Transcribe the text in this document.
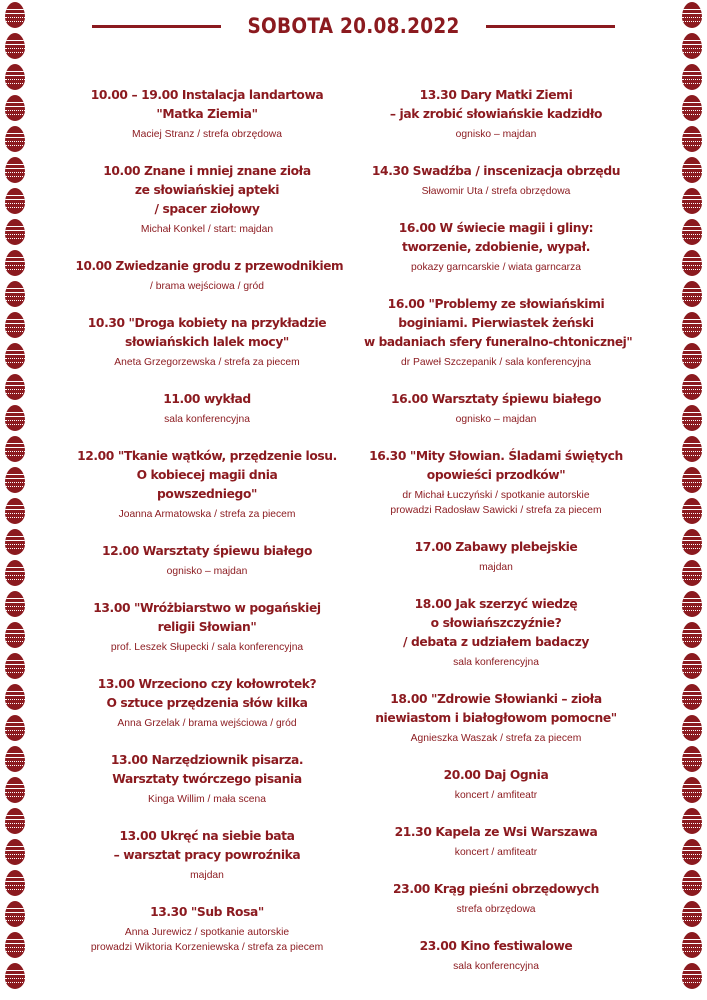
SOBOTA 20.08.2022
10.00 – 19.00 Instalacja landartowa
"Matka Ziemia"
Maciej Stranz / strefa obrzędowa
10.00 Znane i mniej znane zioła
ze słowiańskiej apteki
/ spacer ziołowy
Michał Konkel / start: majdan
10.00 Zwiedzanie grodu z przewodnikiem
/ brama wejściowa / gród
10.30 "Droga kobiety na przykładzie
słowiańskich lalek mocy"
Aneta Grzegorzewska / strefa za piecem
11.00 wykład
sala konferencyjna
12.00 "Tkanie wątków, przędzenie losu.
O kobiecej magii dnia
powszedniego"
Joanna Armatowska / strefa za piecem
12.00 Warsztaty śpiewu białego
ognisko – majdan
13.00 "Wróżbiarstwo w pogańskiej
religii Słowian"
prof. Leszek Słupecki / sala konferencyjna
13.00 Wrzeciono czy kołowrotek?
O sztuce przędzenia słów kilka
Anna Grzelak / brama wejściowa / gród
13.00 Narzędziownik pisarza.
Warsztaty twórczego pisania
Kinga Willim / mała scena
13.00 Ukręć na siebie bata
– warsztat pracy powroźnika
majdan
13.30 "Sub Rosa"
Anna Jurewicz / spotkanie autorskie
prowadzi Wiktoria Korzeniewska / strefa za piecem
13.30 Dary Matki Ziemi
– jak zrobić słowiańskie kadzidło
ognisko – majdan
14.30 Swadźba / inscenizacja obrzędu
Sławomir Uta / strefa obrzędowa
16.00 W świecie magii i gliny:
tworzenie, zdobienie, wypał.
pokazy garncarskie / wiata garncarza
16.00 "Problemy ze słowiańskimi
boginiami. Pierwiastek żeński
w badaniach sfery funeralno-chtonicznej"
dr Paweł Szczepanik / sala konferencyjna
16.00 Warsztaty śpiewu białego
ognisko – majdan
16.30 "Mity Słowian. Śladami świętych
opowieści przodków"
dr Michał Łuczyński / spotkanie autorskie
prowadzi Radosław Sawicki / strefa za piecem
17.00 Zabawy plebejskie
majdan
18.00 Jak szerzyć wiedzę
o słowiańszczyźnie?
/ debata z udziałem badaczy
sala konferencyjna
18.00 "Zdrowie Słowianki – zioła
niewiastom i białogłowom pomocne"
Agnieszka Waszak / strefa za piecem
20.00 Daj Ognia
koncert / amfiteatr
21.30 Kapela ze Wsi Warszawa
koncert / amfiteatr
23.00 Krąg pieśni obrzędowych
strefa obrzędowa
23.00 Kino festiwalowe
sala konferencyjna
